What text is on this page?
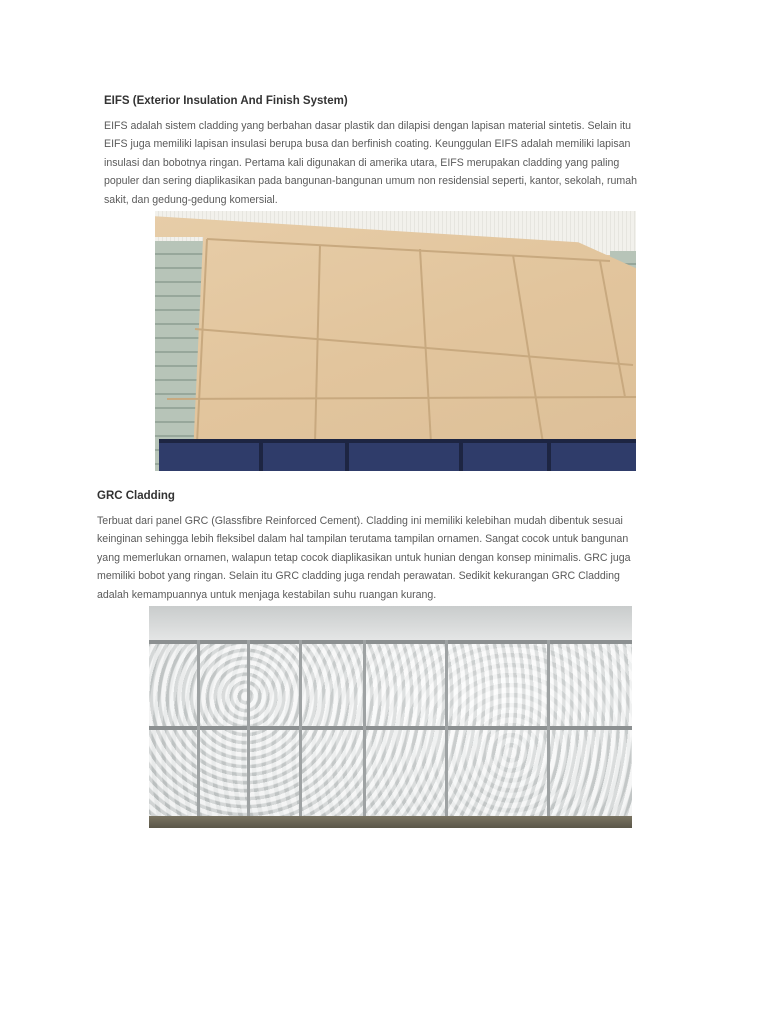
EIFS (Exterior Insulation And Finish System)
EIFS adalah sistem cladding yang berbahan dasar plastik dan dilapisi dengan lapisan material sintetis. Selain itu
EIFS juga memiliki lapisan insulasi berupa busa dan berfinish coating. Keunggulan EIFS adalah memiliki lapisan
insulasi dan bobotnya ringan. Pertama kali digunakan di amerika utara, EIFS merupakan cladding yang paling
populer dan sering diaplikasikan pada bangunan-bangunan umum non residensial seperti, kantor, sekolah, rumah
sakit, dan gedung-gedung komersial.
GRC Cladding
Terbuat dari panel GRC (Glassfibre Reinforced Cement). Cladding ini memiliki kelebihan mudah dibentuk sesuai
keinginan sehingga lebih fleksibel dalam hal tampilan terutama tampilan ornamen. Sangat cocok untuk bangunan
yang memerlukan ornamen, walapun tetap cocok diaplikasikan untuk hunian dengan konsep minimalis. GRC juga
memiliki bobot yang ringan. Selain itu GRC cladding juga rendah perawatan. Sedikit kekurangan GRC Cladding
adalah kemampuannya untuk menjaga kestabilan suhu ruangan kurang.
